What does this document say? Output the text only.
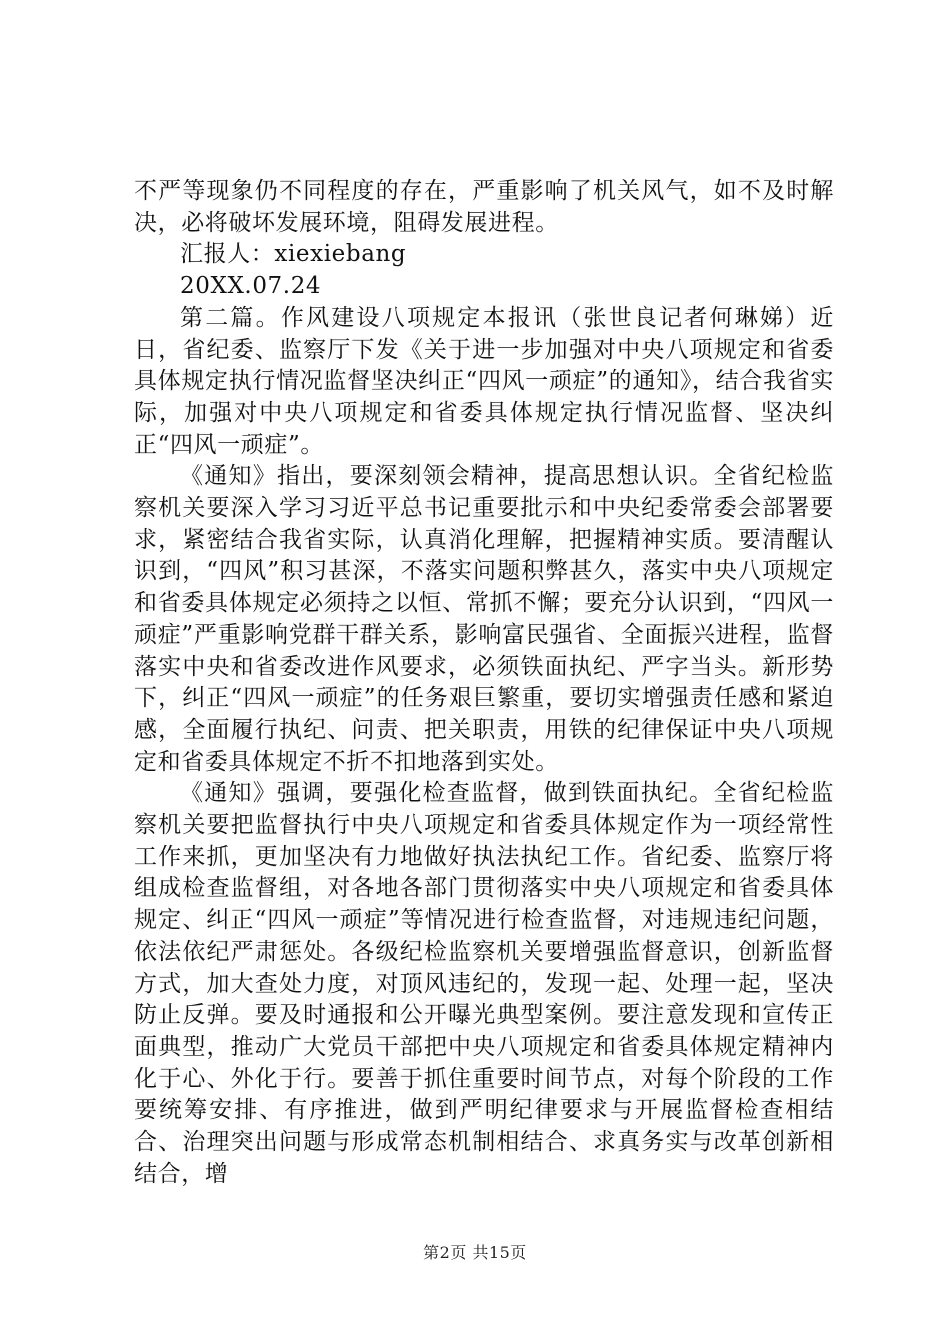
不严等现象仍不同程度的存在，严重影响了机关风气，如不及时解决，必将破坏发展环境，阻碍发展进程。

汇报人：xiexiebang

20XX.07.24

第二篇。作风建设八项规定本报讯（张世良记者何琳娣）近日，省纪委、监察厅下发《关于进一步加强对中央八项规定和省委具体规定执行情况监督坚决纠正“四风一顽症”的通知》，结合我省实际，加强对中央八项规定和省委具体规定执行情况监督、坚决纠正“四风一顽症”。

《通知》指出，要深刻领会精神，提高思想认识。全省纪检监察机关要深入学习习近平总书记重要批示和中央纪委常委会部署要求，紧密结合我省实际，认真消化理解，把握精神实质。要清醒认识到，“四风”积习甚深，不落实问题积弊甚久，落实中央八项规定和省委具体规定必须持之以恒、常抓不懈；要充分认识到，“四风一顽症”严重影响党群干群关系，影响富民强省、全面振兴进程，监督落实中央和省委改进作风要求，必须铁面执纪、严字当头。新形势下，纠正“四风一顽症”的任务艰巨繁重，要切实增强责任感和紧迫感，全面履行执纪、问责、把关职责，用铁的纪律保证中央八项规定和省委具体规定不折不扣地落到实处。

《通知》强调，要强化检查监督，做到铁面执纪。全省纪检监察机关要把监督执行中央八项规定和省委具体规定作为一项经常性工作来抓，更加坚决有力地做好执法执纪工作。省纪委、监察厅将组成检查监督组，对各地各部门贯彻落实中央八项规定和省委具体规定、纠正“四风一顽症”等情况进行检查监督，对违规违纪问题，依法依纪严肃惩处。各级纪检监察机关要增强监督意识，创新监督方式，加大查处力度，对顶风违纪的，发现一起、处理一起，坚决防止反弹。要及时通报和公开曝光典型案例。要注意发现和宣传正面典型，推动广大党员干部把中央八项规定和省委具体规定精神内化于心、外化于行。要善于抓住重要时间节点，对每个阶段的工作要统筹安排、有序推进，做到严明纪律要求与开展监督检查相结合、治理突出问题与形成常态机制相结合、求真务实与改革创新相结合，增

第2页 共15页
